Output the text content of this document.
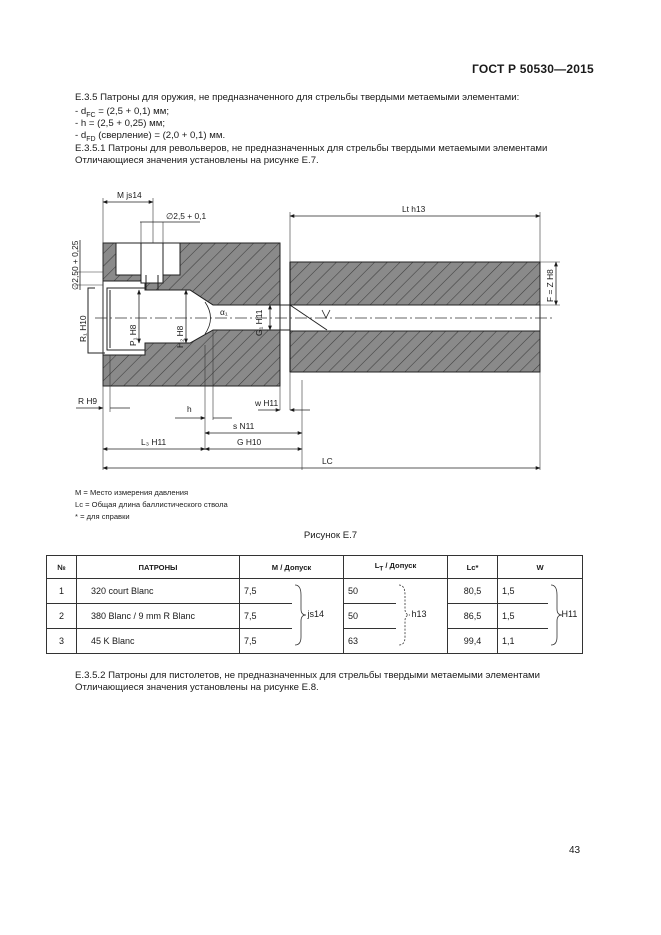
ГОСТ Р 50530—2015
Е.3.5 Патроны для оружия, не предназначенного для стрельбы твердыми метаемыми элементами:
- $d_{FC} = (2,5 + 0,1)$ мм;
- h = (2,5 + 0,25) мм;
- $d_{FD}$ (сверление) = (2,0 + 0,1) мм.
Е.3.5.1 Патроны для револьверов, не предназначенных для стрельбы твердыми метаемыми элементами
Отличающиеся значения установлены на рисунке Е.7.
M js14
∅2,5 + 0,1
Lt h13
∅2,50 + 0,25
R₁ H10	P₁ H8	H₂ H8
α₁	G₁ H11
F = Z H8
R H9
h
w H11
s N11
L₃ H11	G H10
LC
M = Место измерения давления
Lc = Общая длина баллистического ствола
* = для справки
Рисунок Е.7
№	ПАТРОНЫ	M / Допуск		$L_T$ / Допуск		Lc*	W	
1	320 court Blanc	7,5	js14	50	h13	80,5	1,5	H11

2	380 Blanc / 9 mm R Blanc	7,5		50		86,5	1,5	
3	45 K Blanc	7,5		63		99,4	1,1	
Е.3.5.2 Патроны для пистолетов, не предназначенных для стрельбы твердыми метаемыми элементами
Отличающиеся значения установлены на рисунке Е.8.
43
